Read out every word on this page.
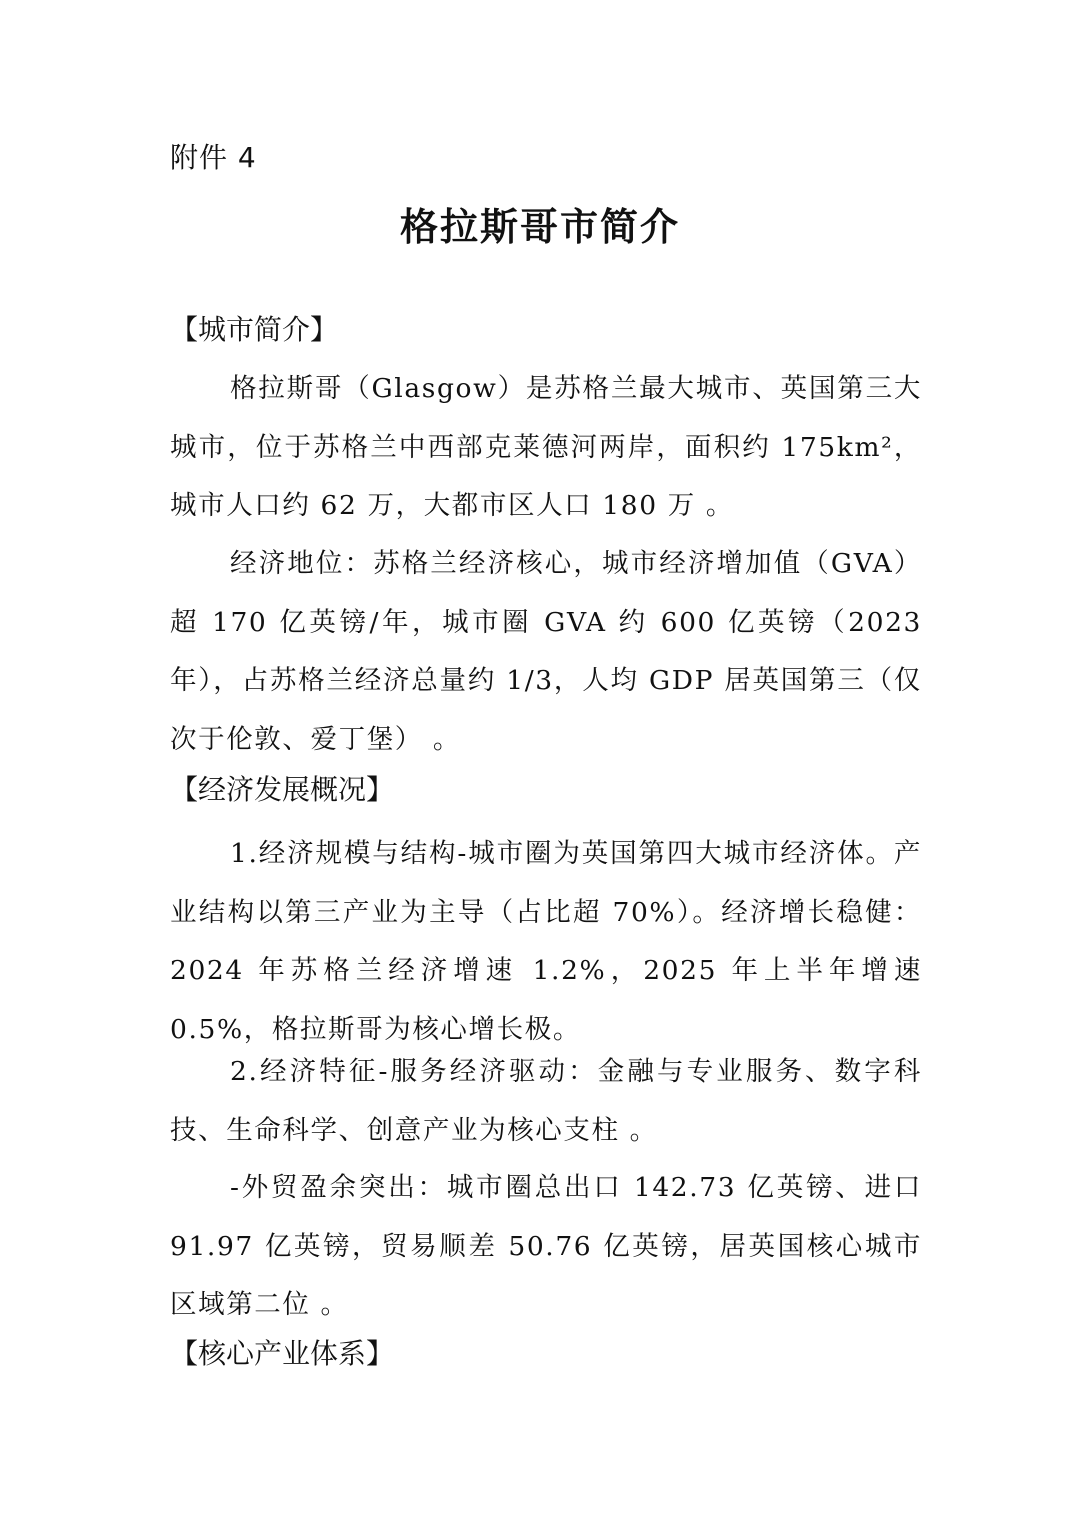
附件 4
格拉斯哥市简介
【城市简介】

格拉斯哥（Glasgow）是苏格兰最大城市、英国第三大城市，位于苏格兰中西部克莱德河两岸，面积约 175km²，城市人口约 62 万，大都市区人口 180 万 。

经济地位：苏格兰经济核心，城市经济增加值（GVA）超 170 亿英镑/年，城市圈 GVA 约 600 亿英镑（2023 年），占苏格兰经济总量约 1/3，人均 GDP 居英国第三（仅次于伦敦、爱丁堡） 。

【经济发展概况】

1.经济规模与结构-城市圈为英国第四大城市经济体。产业结构以第三产业为主导（占比超 70%）。经济增长稳健：2024 年苏格兰经济增速 1.2%，2025 年上半年增速 0.5%，格拉斯哥为核心增长极。

2.经济特征-服务经济驱动：金融与专业服务、数字科技、生命科学、创意产业为核心支柱 。

-外贸盈余突出：城市圈总出口 142.73 亿英镑、进口 91.97 亿英镑，贸易顺差 50.76 亿英镑，居英国核心城市区域第二位 。

【核心产业体系】
